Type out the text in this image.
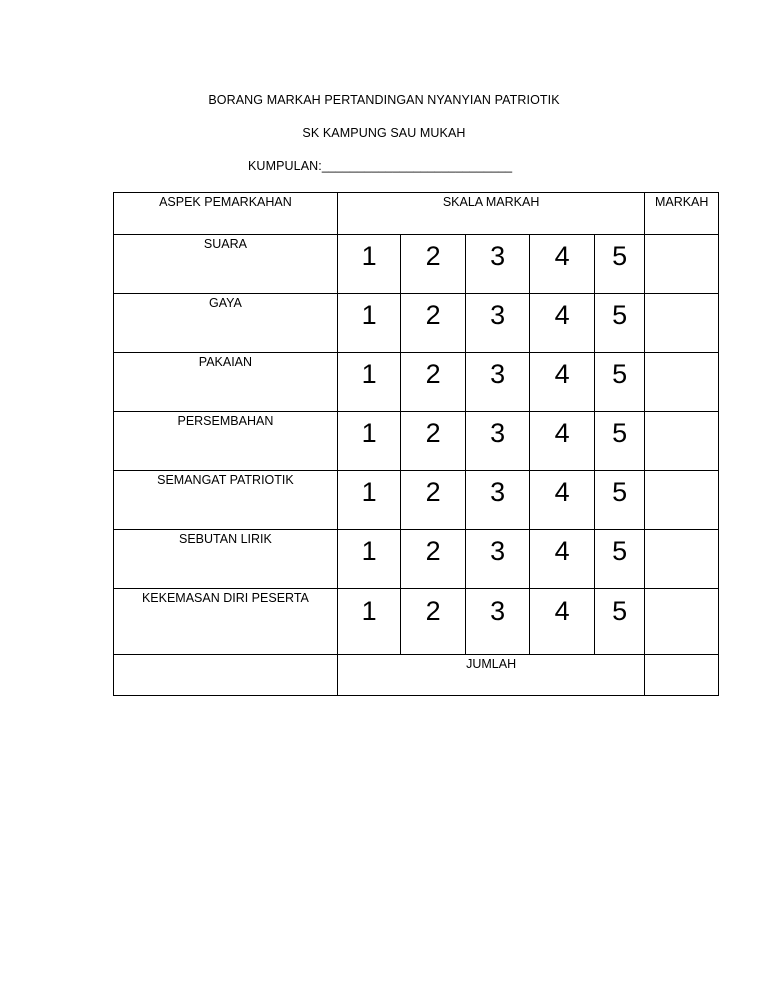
BORANG MARKAH PERTANDINGAN NYANYIAN PATRIOTIK
SK KAMPUNG SAU MUKAH
KUMPULAN:___________________________
ASPEK PEMARKAHAN	SKALA MARKAH					MARKAH

SUARA	1	2	3	4	5	

GAYA	1	2	3	4	5	

PAKAIAN	1	2	3	4	5	

PERSEMBAHAN	1	2	3	4	5	

SEMANGAT PATRIOTIK	1	2	3	4	5	

SEBUTAN LIRIK	1	2	3	4	5	

KEKEMASAN DIRI PESERTA	1	2	3	4	5	

	JUMLAH					
